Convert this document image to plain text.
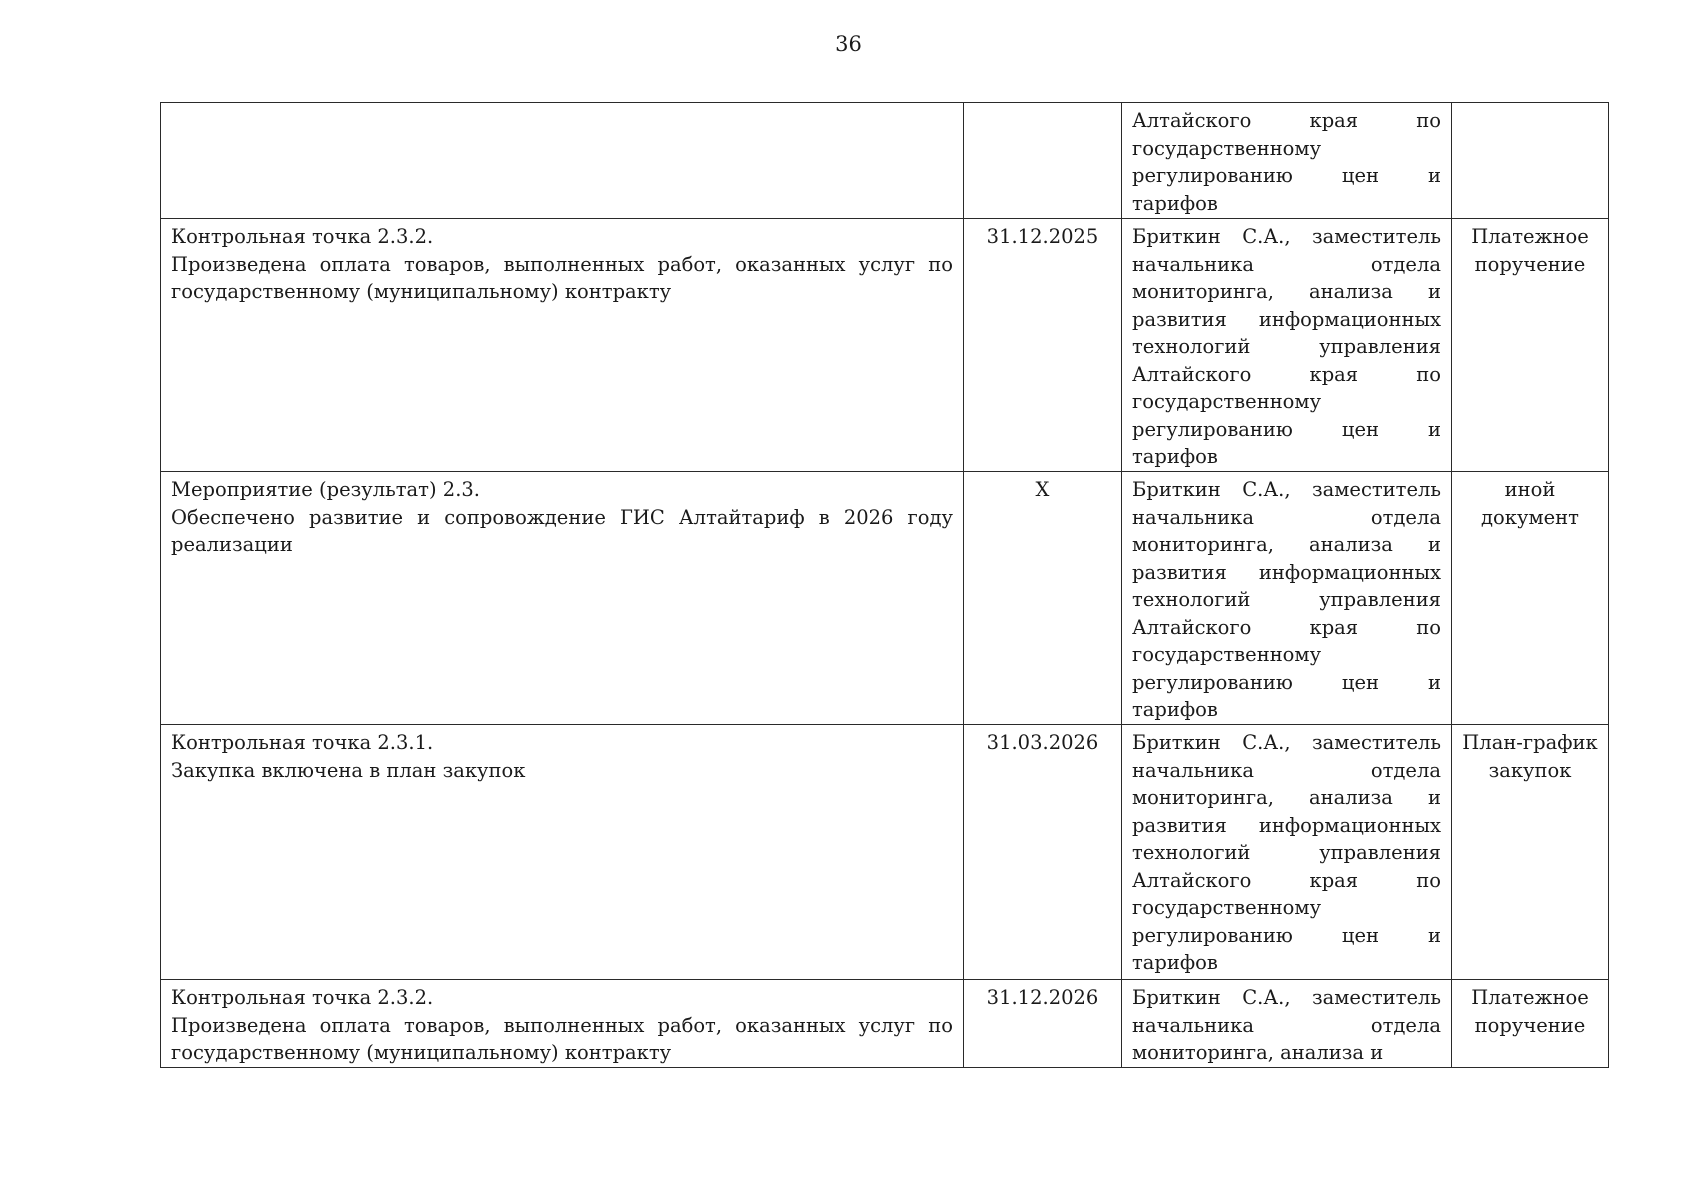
36

		Алтайского края по государственному регулированию цен и тарифов	

Контрольная точка 2.3.2.
Произведена оплата товаров, выполненных работ, оказанных услуг по государственному (муниципальному) контракту	31.12.2025	Бриткин С.А., заместитель начальника отдела мониторинга, анализа и развития информационных технологий управления Алтайского края по государственному регулированию цен и тарифов	Платежное поручение

Мероприятие (результат) 2.3.
Обеспечено развитие и сопровождение ГИС Алтайтариф в 2026 году реализации	X	Бриткин С.А., заместитель начальника отдела мониторинга, анализа и развития информационных технологий управления Алтайского края по государственному регулированию цен и тарифов	иной документ

Контрольная точка 2.3.1.
Закупка включена в план закупок	31.03.2026	Бриткин С.А., заместитель начальника отдела мониторинга, анализа и развития информационных технологий управления Алтайского края по государственному регулированию цен и тарифов	План-график закупок

Контрольная точка 2.3.2.
Произведена оплата товаров, выполненных работ, оказанных услуг по государственному (муниципальному) контракту	31.12.2026	Бриткин С.А., заместитель начальника отдела мониторинга, анализа и	Платежное поручение
